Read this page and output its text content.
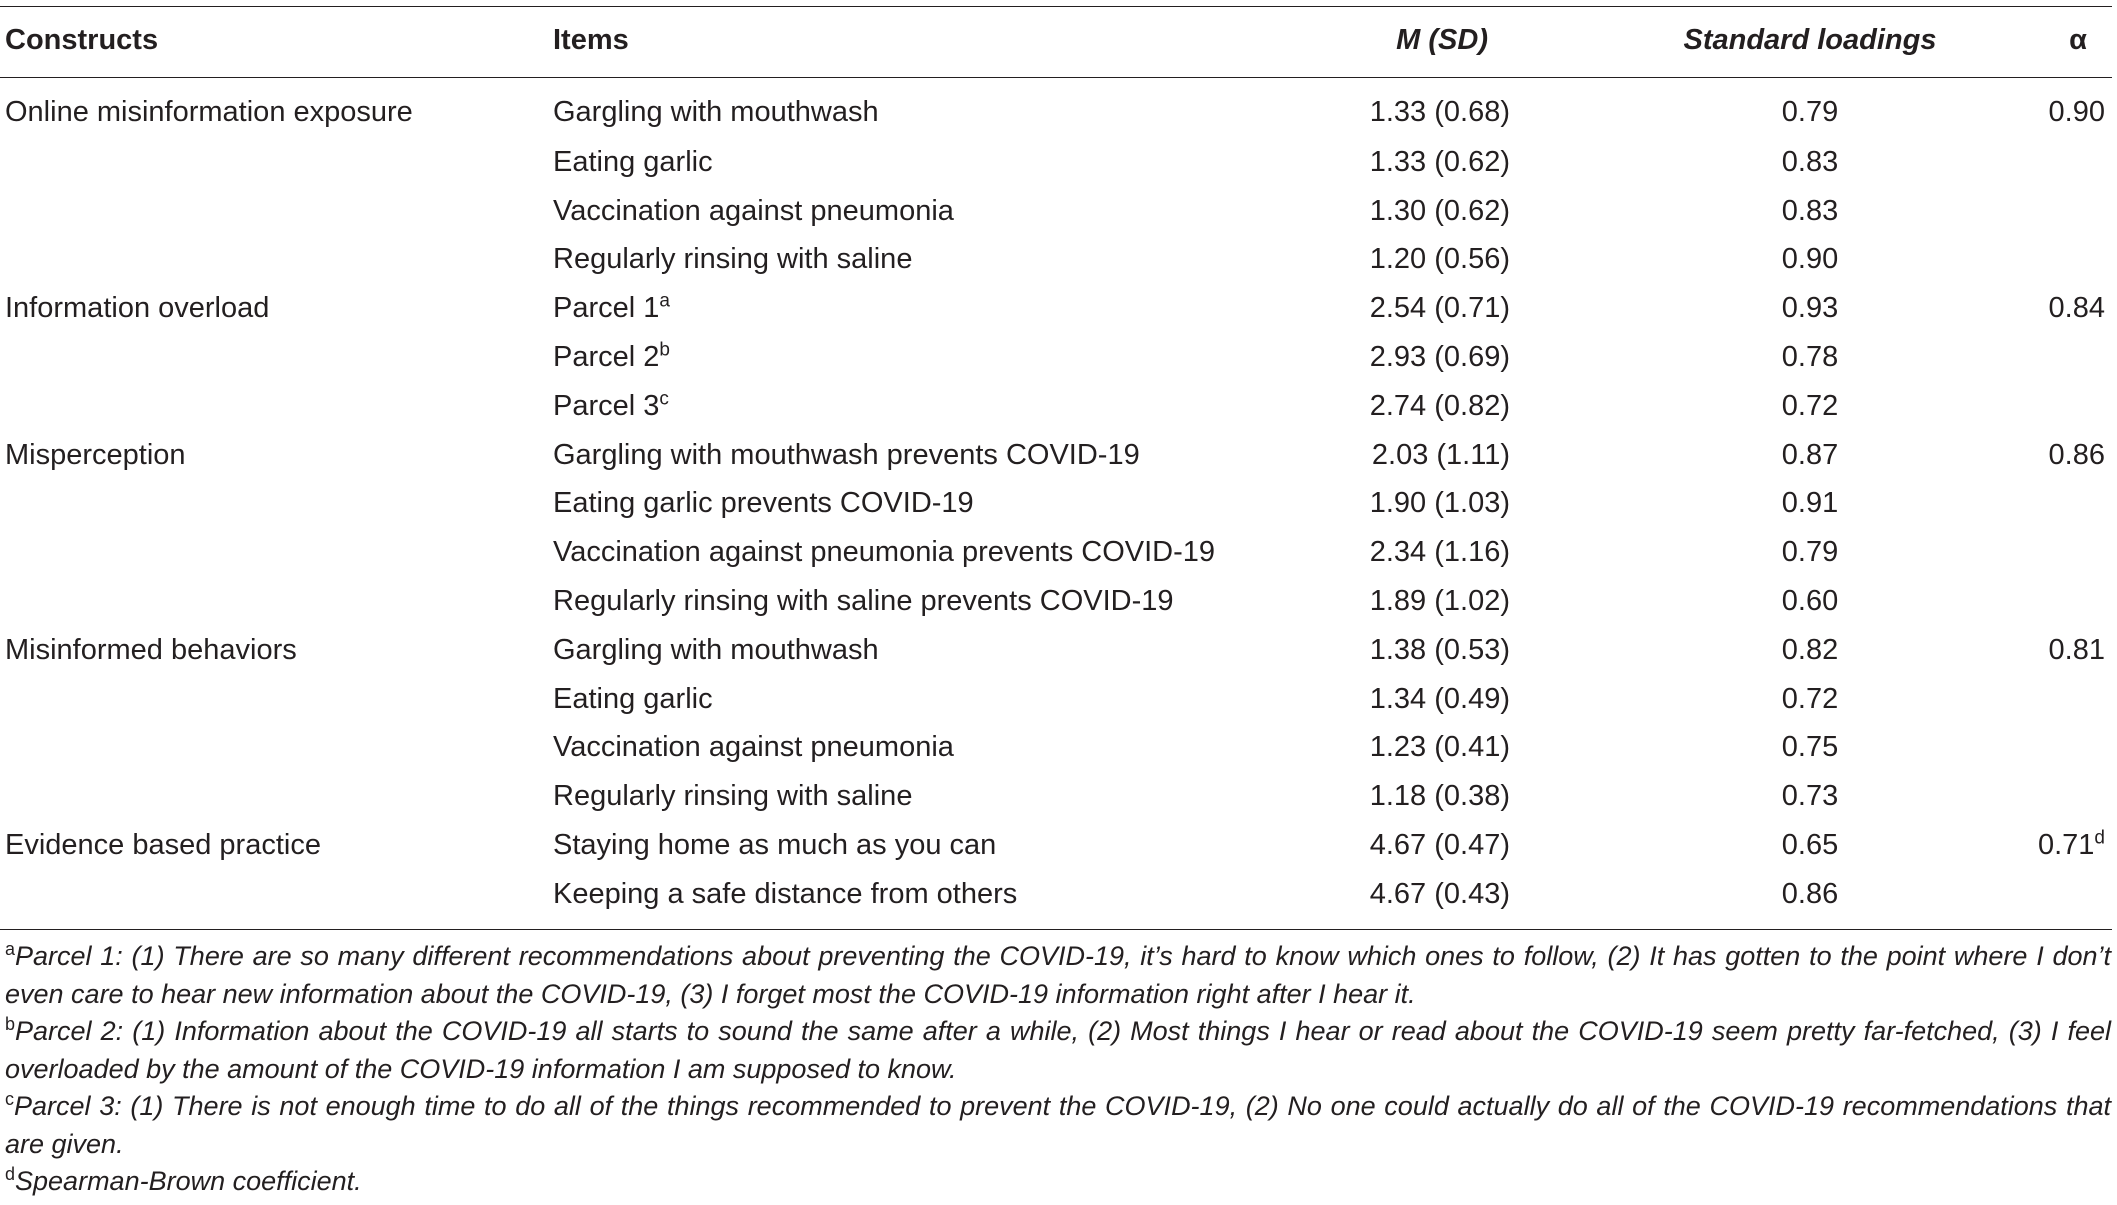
Constructs	Items	M (SD)	Standard loadings	α
Online misinformation exposure	Gargling with mouthwash	1.33 (0.68)	0.79	0.90
	Eating garlic	1.33 (0.62)	0.83	
	Vaccination against pneumonia	1.30 (0.62)	0.83	
	Regularly rinsing with saline	1.20 (0.56)	0.90	
Information overload	Parcel 1$^a$	2.54 (0.71)	0.93	0.84
	Parcel 2$^b$	2.93 (0.69)	0.78	
	Parcel 3$^c$	2.74 (0.82)	0.72	
Misperception	Gargling with mouthwash prevents COVID-19	2.03 (1.11)	0.87	0.86
	Eating garlic prevents COVID-19	1.90 (1.03)	0.91	
	Vaccination against pneumonia prevents COVID-19	2.34 (1.16)	0.79	
	Regularly rinsing with saline prevents COVID-19	1.89 (1.02)	0.60	
Misinformed behaviors	Gargling with mouthwash	1.38 (0.53)	0.82	0.81
	Eating garlic	1.34 (0.49)	0.72	
	Vaccination against pneumonia	1.23 (0.41)	0.75	
	Regularly rinsing with saline	1.18 (0.38)	0.73	
Evidence based practice	Staying home as much as you can	4.67 (0.47)	0.65	0.71$^d$
	Keeping a safe distance from others	4.67 (0.43)	0.86	

$^a$Parcel 1: (1) There are so many different recommendations about preventing the COVID-19, it’s hard to know which ones to follow, (2) It has gotten to the point where I don’t even care to hear new information about the COVID-19, (3) I forget most the COVID-19 information right after I hear it.

$^b$Parcel 2: (1) Information about the COVID-19 all starts to sound the same after a while, (2) Most things I hear or read about the COVID-19 seem pretty far-fetched, (3) I feel overloaded by the amount of the COVID-19 information I am supposed to know.

$^c$Parcel 3: (1) There is not enough time to do all of the things recommended to prevent the COVID-19, (2) No one could actually do all of the COVID-19 recommendations that are given.

$^d$Spearman-Brown coefficient.
